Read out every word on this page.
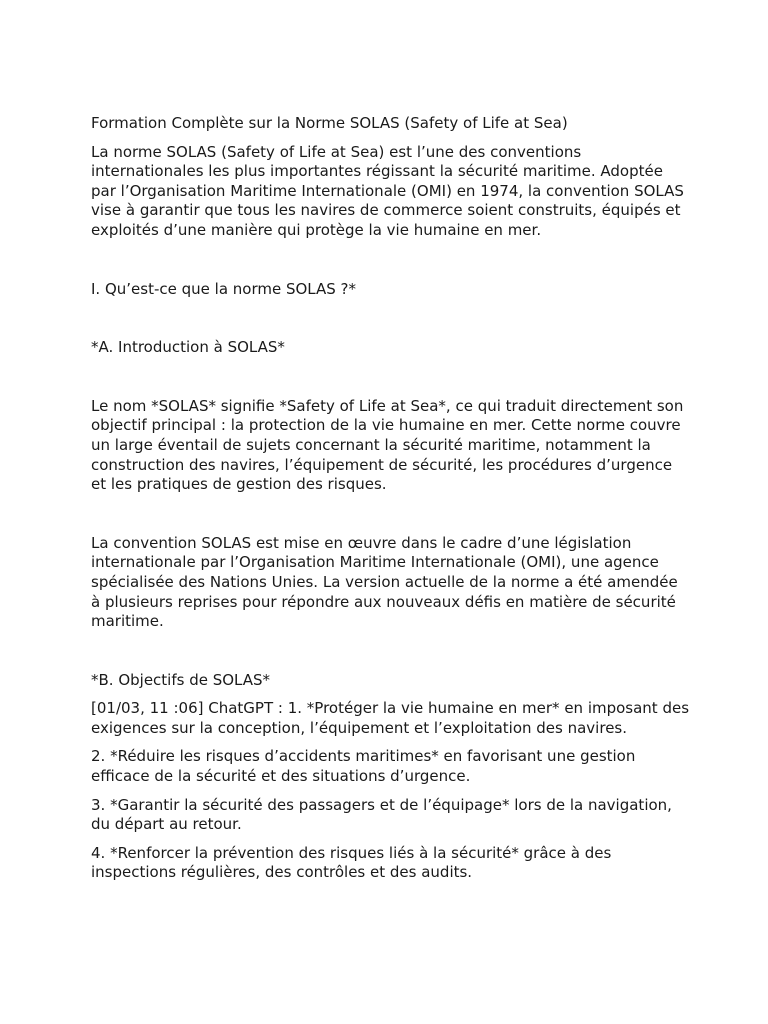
Formation Complète sur la Norme SOLAS (Safety of Life at Sea)

La norme SOLAS (Safety of Life at Sea) est l’une des conventions internationales les plus importantes régissant la sécurité maritime. Adoptée par l’Organisation Maritime Internationale (OMI) en 1974, la convention SOLAS vise à garantir que tous les navires de commerce soient construits, équipés et exploités d’une manière qui protège la vie humaine en mer.

I. Qu’est-ce que la norme SOLAS ?*

*A. Introduction à SOLAS*

Le nom *SOLAS* signifie *Safety of Life at Sea*, ce qui traduit directement son objectif principal : la protection de la vie humaine en mer. Cette norme couvre un large éventail de sujets concernant la sécurité maritime, notamment la construction des navires, l’équipement de sécurité, les procédures d’urgence et les pratiques de gestion des risques.

La convention SOLAS est mise en œuvre dans le cadre d’une législation internationale par l’Organisation Maritime Internationale (OMI), une agence spécialisée des Nations Unies. La version actuelle de la norme a été amendée à plusieurs reprises pour répondre aux nouveaux défis en matière de sécurité maritime.

*B. Objectifs de SOLAS*

[01/03, 11 :06] ChatGPT : 1. *Protéger la vie humaine en mer* en imposant des exigences sur la conception, l’équipement et l’exploitation des navires.

2. *Réduire les risques d’accidents maritimes* en favorisant une gestion efficace de la sécurité et des situations d’urgence.

3. *Garantir la sécurité des passagers et de l’équipage* lors de la navigation, du départ au retour.

4. *Renforcer la prévention des risques liés à la sécurité* grâce à des inspections régulières, des contrôles et des audits.
